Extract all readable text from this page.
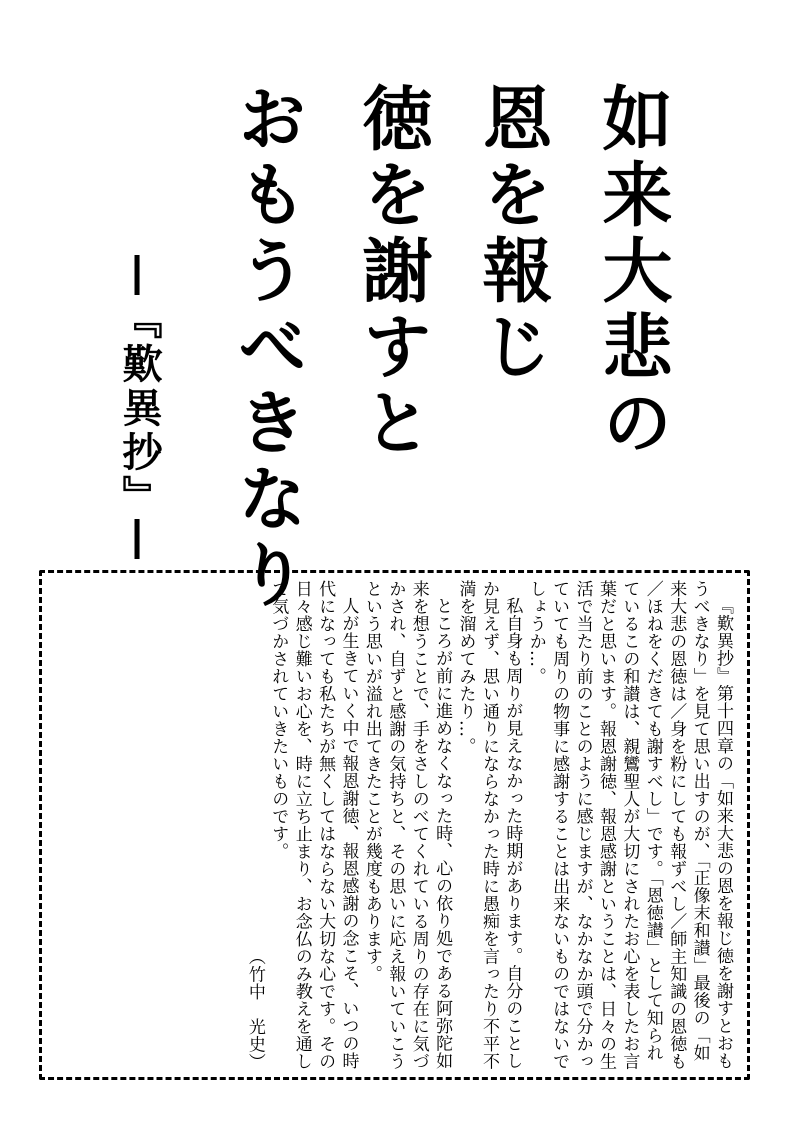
如来大悲の
恩を報じ
徳を謝すと
おもうべきなり
―『歎異抄』―

『歎異抄』第十四章の「如来大悲の恩を報じ徳を謝すとおもうべきなり」を見て思い出すのが、「正像末和讃」最後の「如来大悲の恩徳は／身を粉にしても報ずべし／師主知識の恩徳も／ほねをくだきても謝すべし」です。「恩徳讃」として知られているこの和讃は、親鸞聖人が大切にされたお心を表したお言葉だと思います。報恩謝徳、報恩感謝ということは、日々の生活で当たり前のことのように感じますが、なかなか頭で分かっていても周りの物事に感謝することは出来ないものではないでしょうか…。

私自身も周りが見えなかった時期があります。自分のことしか見えず、思い通りにならなかった時に愚痴を言ったり不平不満を溜めてみたり…。

ところが前に進めなくなった時、心の依り処である阿弥陀如来を想うことで、手をさしのべてくれている周りの存在に気づかされ、自ずと感謝の気持ちと、その思いに応え報いていこうという思いが溢れ出てきたことが幾度もあります。

人が生きていく中で報恩謝徳、報恩感謝の念こそ、いつの時代になっても私たちが無くしてはならない大切な心です。その日々感じ難いお心を、時に立ち止まり、お念仏のみ教えを通して気づかされていきたいものです。

（竹中　光史）
